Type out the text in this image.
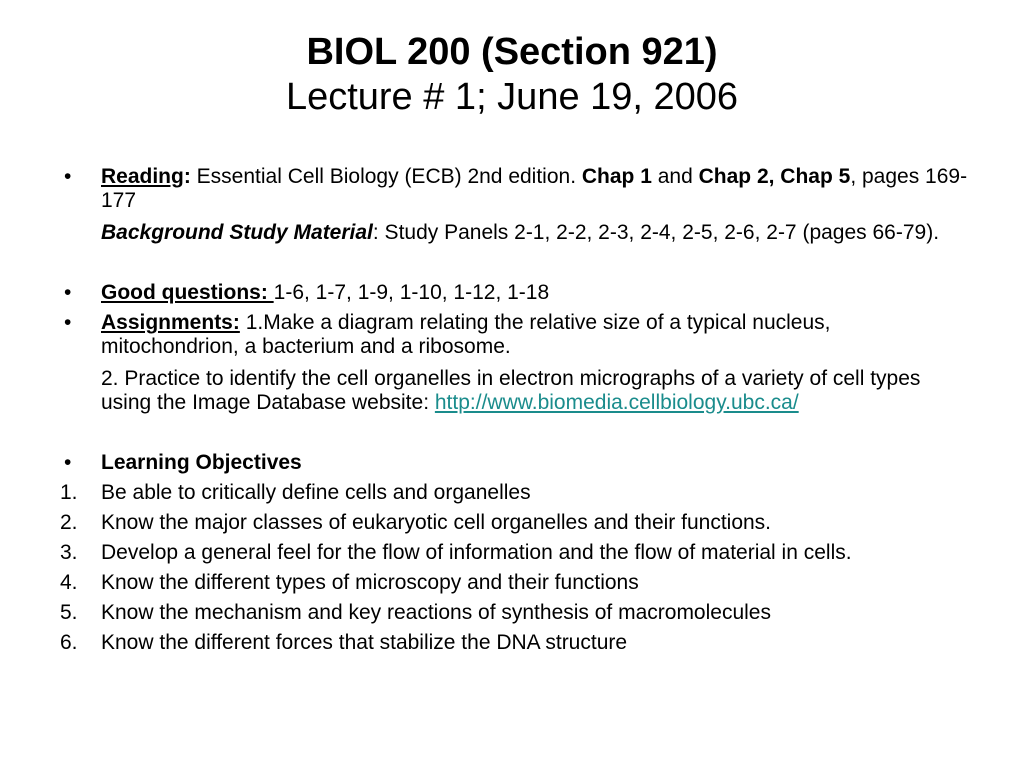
BIOL 200 (Section 921)
Lecture # 1; June 19, 2006
•	Reading: Essential Cell Biology (ECB) 2nd edition. Chap 1 and Chap 2, Chap 5, pages 169-177
Background Study Material: Study Panels 2-1, 2-2, 2-3, 2-4, 2-5, 2-6, 2-7 (pages 66-79).
•	Good questions: 1-6, 1-7, 1-9, 1-10, 1-12, 1-18
•	Assignments: 1.Make a diagram relating the relative size of a typical nucleus, mitochondrion, a bacterium and a ribosome.
2. Practice to identify the cell organelles in electron micrographs of a variety of cell types using the Image Database website: http://www.biomedia.cellbiology.ubc.ca/
•	Learning Objectives
1.	Be able to critically define cells and organelles
2.	Know the major classes of eukaryotic cell organelles and their functions.
3.	Develop a general feel for the flow of information and the flow of material in cells.
4.	Know the different types of microscopy and their functions
5.	Know the mechanism and key reactions of synthesis of macromolecules
6.	Know the different forces that stabilize the DNA structure
